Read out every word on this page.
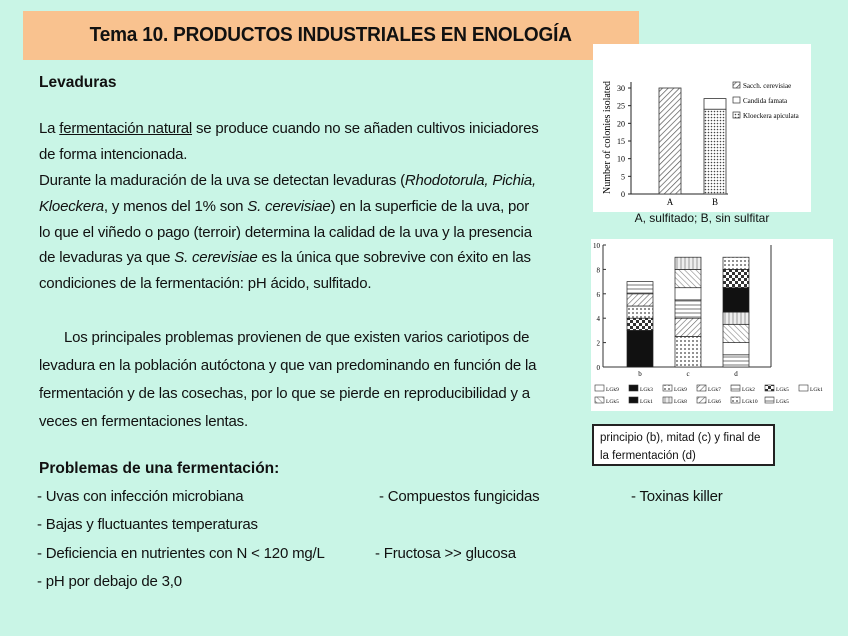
Tema 10. PRODUCTOS INDUSTRIALES EN ENOLOGÍA
Levaduras
La fermentación natural se produce cuando no se añaden cultivos iniciadores
de forma intencionada.
Durante la maduración de la uva se detectan levaduras (Rhodotorula, Pichia,
Kloeckera, y menos del 1% son S. cerevisiae) en la superficie de la uva, por
lo que el viñedo o pago (terroir) determina la calidad de la uva y la presencia
de levaduras ya que S. cerevisiae es la única que sobrevive con éxito en las
condiciones de la fermentación: pH ácido, sulfitado.
Los principales problemas provienen de que existen varios cariotipos de
levadura en la población autóctona y que van predominando en función de la
fermentación y de las cosechas, por lo que se pierde en reproducibilidad y a
veces en fermentaciones lentas.
Problemas de una fermentación:
- Uvas con infección microbiana	- Compuestos fungicidas	- Toxinas killer
- Bajas y fluctuantes temperaturas
- Deficiencia en nutrientes con N < 120 mg/L	- Fructosa >> glucosa
- pH por debajo de 3,0
Number of colonies isolated
0
5
10
15
20
25
30
A	B
Sacch. cerevisiae
Candida famata
Kloeckera apiculata
A, sulfitado; B, sin sulfitar
0
2
4
6
8
10
b	c	d
LGk9	LGk3	LGk9	LGk7	LGk2	LGk5	LGk1
LGk5	LGk1	LGk8	LGk6	LGk10	LGk5
principio (b), mitad (c) y final de la fermentación (d)
